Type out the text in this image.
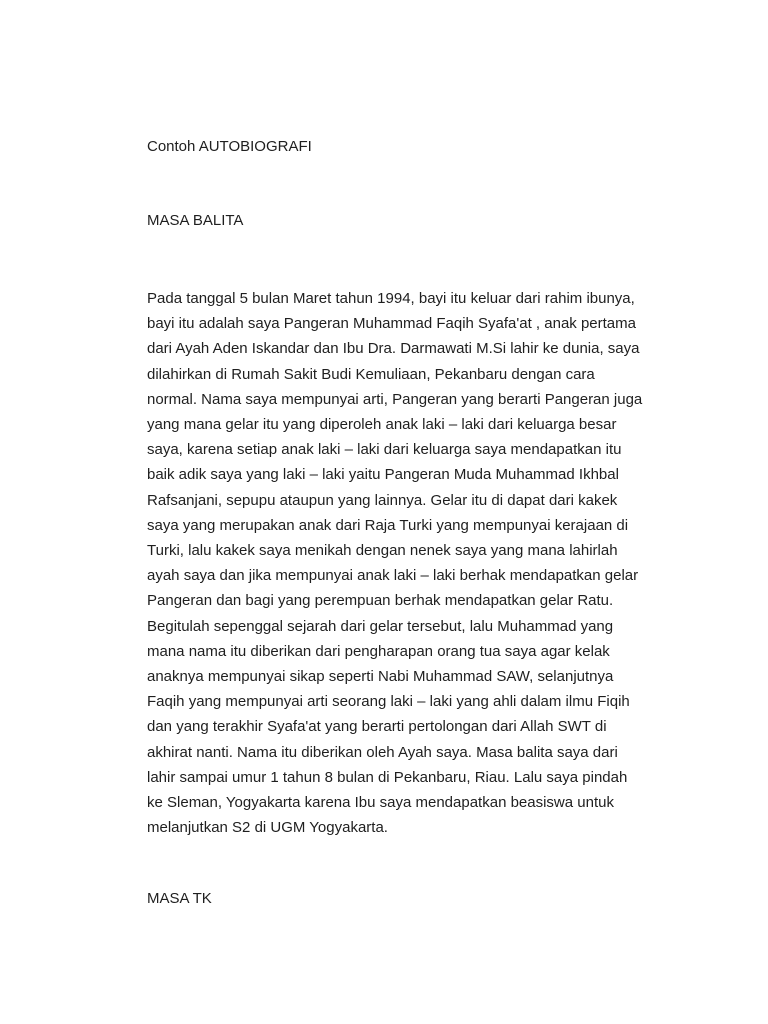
Contoh AUTOBIOGRAFI
MASA BALITA

Pada tanggal 5 bulan Maret tahun 1994, bayi itu keluar dari rahim ibunya,
bayi itu adalah saya Pangeran Muhammad Faqih Syafa'at , anak pertama
dari Ayah Aden Iskandar dan Ibu Dra. Darmawati M.Si lahir ke dunia, saya
dilahirkan di Rumah Sakit Budi Kemuliaan, Pekanbaru dengan cara
normal. Nama saya mempunyai arti, Pangeran yang berarti Pangeran juga
yang mana gelar itu yang diperoleh anak laki – laki dari keluarga besar
saya, karena setiap anak laki – laki dari keluarga saya mendapatkan itu
baik adik saya yang laki – laki yaitu Pangeran Muda Muhammad Ikhbal
Rafsanjani, sepupu ataupun yang lainnya. Gelar itu di dapat dari kakek
saya yang merupakan anak dari Raja Turki yang mempunyai kerajaan di
Turki, lalu kakek saya menikah dengan nenek saya yang mana lahirlah
ayah saya dan jika mempunyai anak laki – laki berhak mendapatkan gelar
Pangeran dan bagi yang perempuan berhak mendapatkan gelar Ratu.
Begitulah sepenggal sejarah dari gelar tersebut, lalu Muhammad yang
mana nama itu diberikan dari pengharapan orang tua saya agar kelak
anaknya mempunyai sikap seperti Nabi Muhammad SAW, selanjutnya
Faqih yang mempunyai arti seorang laki – laki yang ahli dalam ilmu Fiqih
dan yang terakhir Syafa'at yang berarti pertolongan dari Allah SWT di
akhirat nanti. Nama itu diberikan oleh Ayah saya. Masa balita saya dari
lahir sampai umur 1 tahun 8 bulan di Pekanbaru, Riau. Lalu saya pindah
ke Sleman, Yogyakarta karena Ibu saya mendapatkan beasiswa untuk
melanjutkan S2 di UGM Yogyakarta.

MASA TK
